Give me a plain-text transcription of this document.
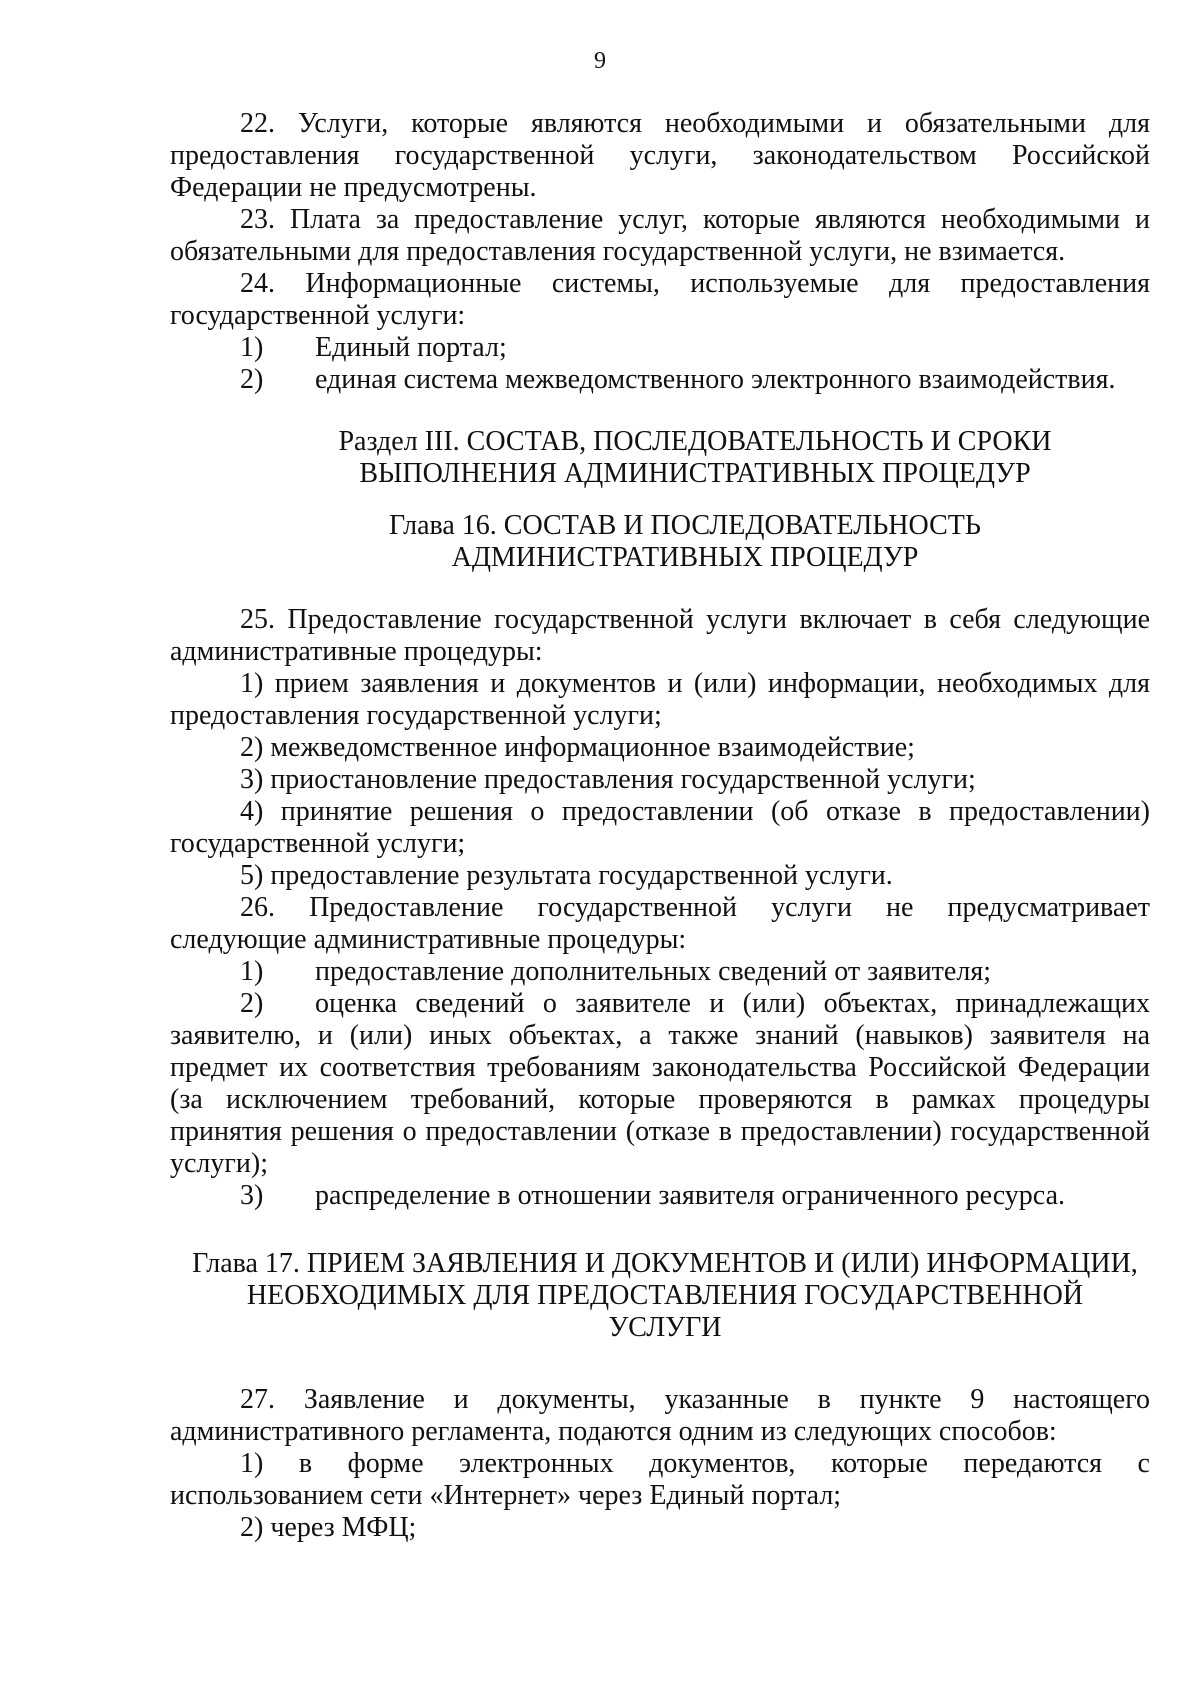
9

22. Услуги, которые являются необходимыми и обязательными для предоставления государственной услуги, законодательством Российской Федерации не предусмотрены.

23. Плата за предоставление услуг, которые являются необходимыми и обязательными для предоставления государственной услуги, не взимается.

24. Информационные системы, используемые для предоставления государственной услуги:

1)	Единый портал;
2)	единая система межведомственного электронного взаимодействия.

Раздел III. СОСТАВ, ПОСЛЕДОВАТЕЛЬНОСТЬ И СРОКИ ВЫПОЛНЕНИЯ АДМИНИСТРАТИВНЫХ ПРОЦЕДУР

Глава 16. СОСТАВ И ПОСЛЕДОВАТЕЛЬНОСТЬ АДМИНИСТРАТИВНЫХ ПРОЦЕДУР

25. Предоставление государственной услуги включает в себя следующие административные процедуры:

1) прием заявления и документов и (или) информации, необходимых для предоставления государственной услуги;

2) межведомственное информационное взаимодействие;

3) приостановление предоставления государственной услуги;

4) принятие решения о предоставлении (об отказе в предоставлении) государственной услуги;

5) предоставление результата государственной услуги.

26. Предоставление государственной услуги не предусматривает следующие административные процедуры:

1)	предоставление дополнительных сведений от заявителя;
2)	оценка сведений о заявителе и (или) объектах, принадлежащих заявителю, и (или) иных объектах, а также знаний (навыков) заявителя на предмет их соответствия требованиям законодательства Российской Федерации (за исключением требований, которые проверяются в рамках процедуры принятия решения о предоставлении (отказе в предоставлении) государственной услуги);
3)	распределение в отношении заявителя ограниченного ресурса.

Глава 17. ПРИЕМ ЗАЯВЛЕНИЯ И ДОКУМЕНТОВ И (ИЛИ) ИНФОРМАЦИИ, НЕОБХОДИМЫХ ДЛЯ ПРЕДОСТАВЛЕНИЯ ГОСУДАРСТВЕННОЙ УСЛУГИ

27. Заявление и документы, указанные в пункте 9 настоящего административного регламента, подаются одним из следующих способов:

1) в форме электронных документов, которые передаются с использованием сети «Интернет» через Единый портал;

2) через МФЦ;
